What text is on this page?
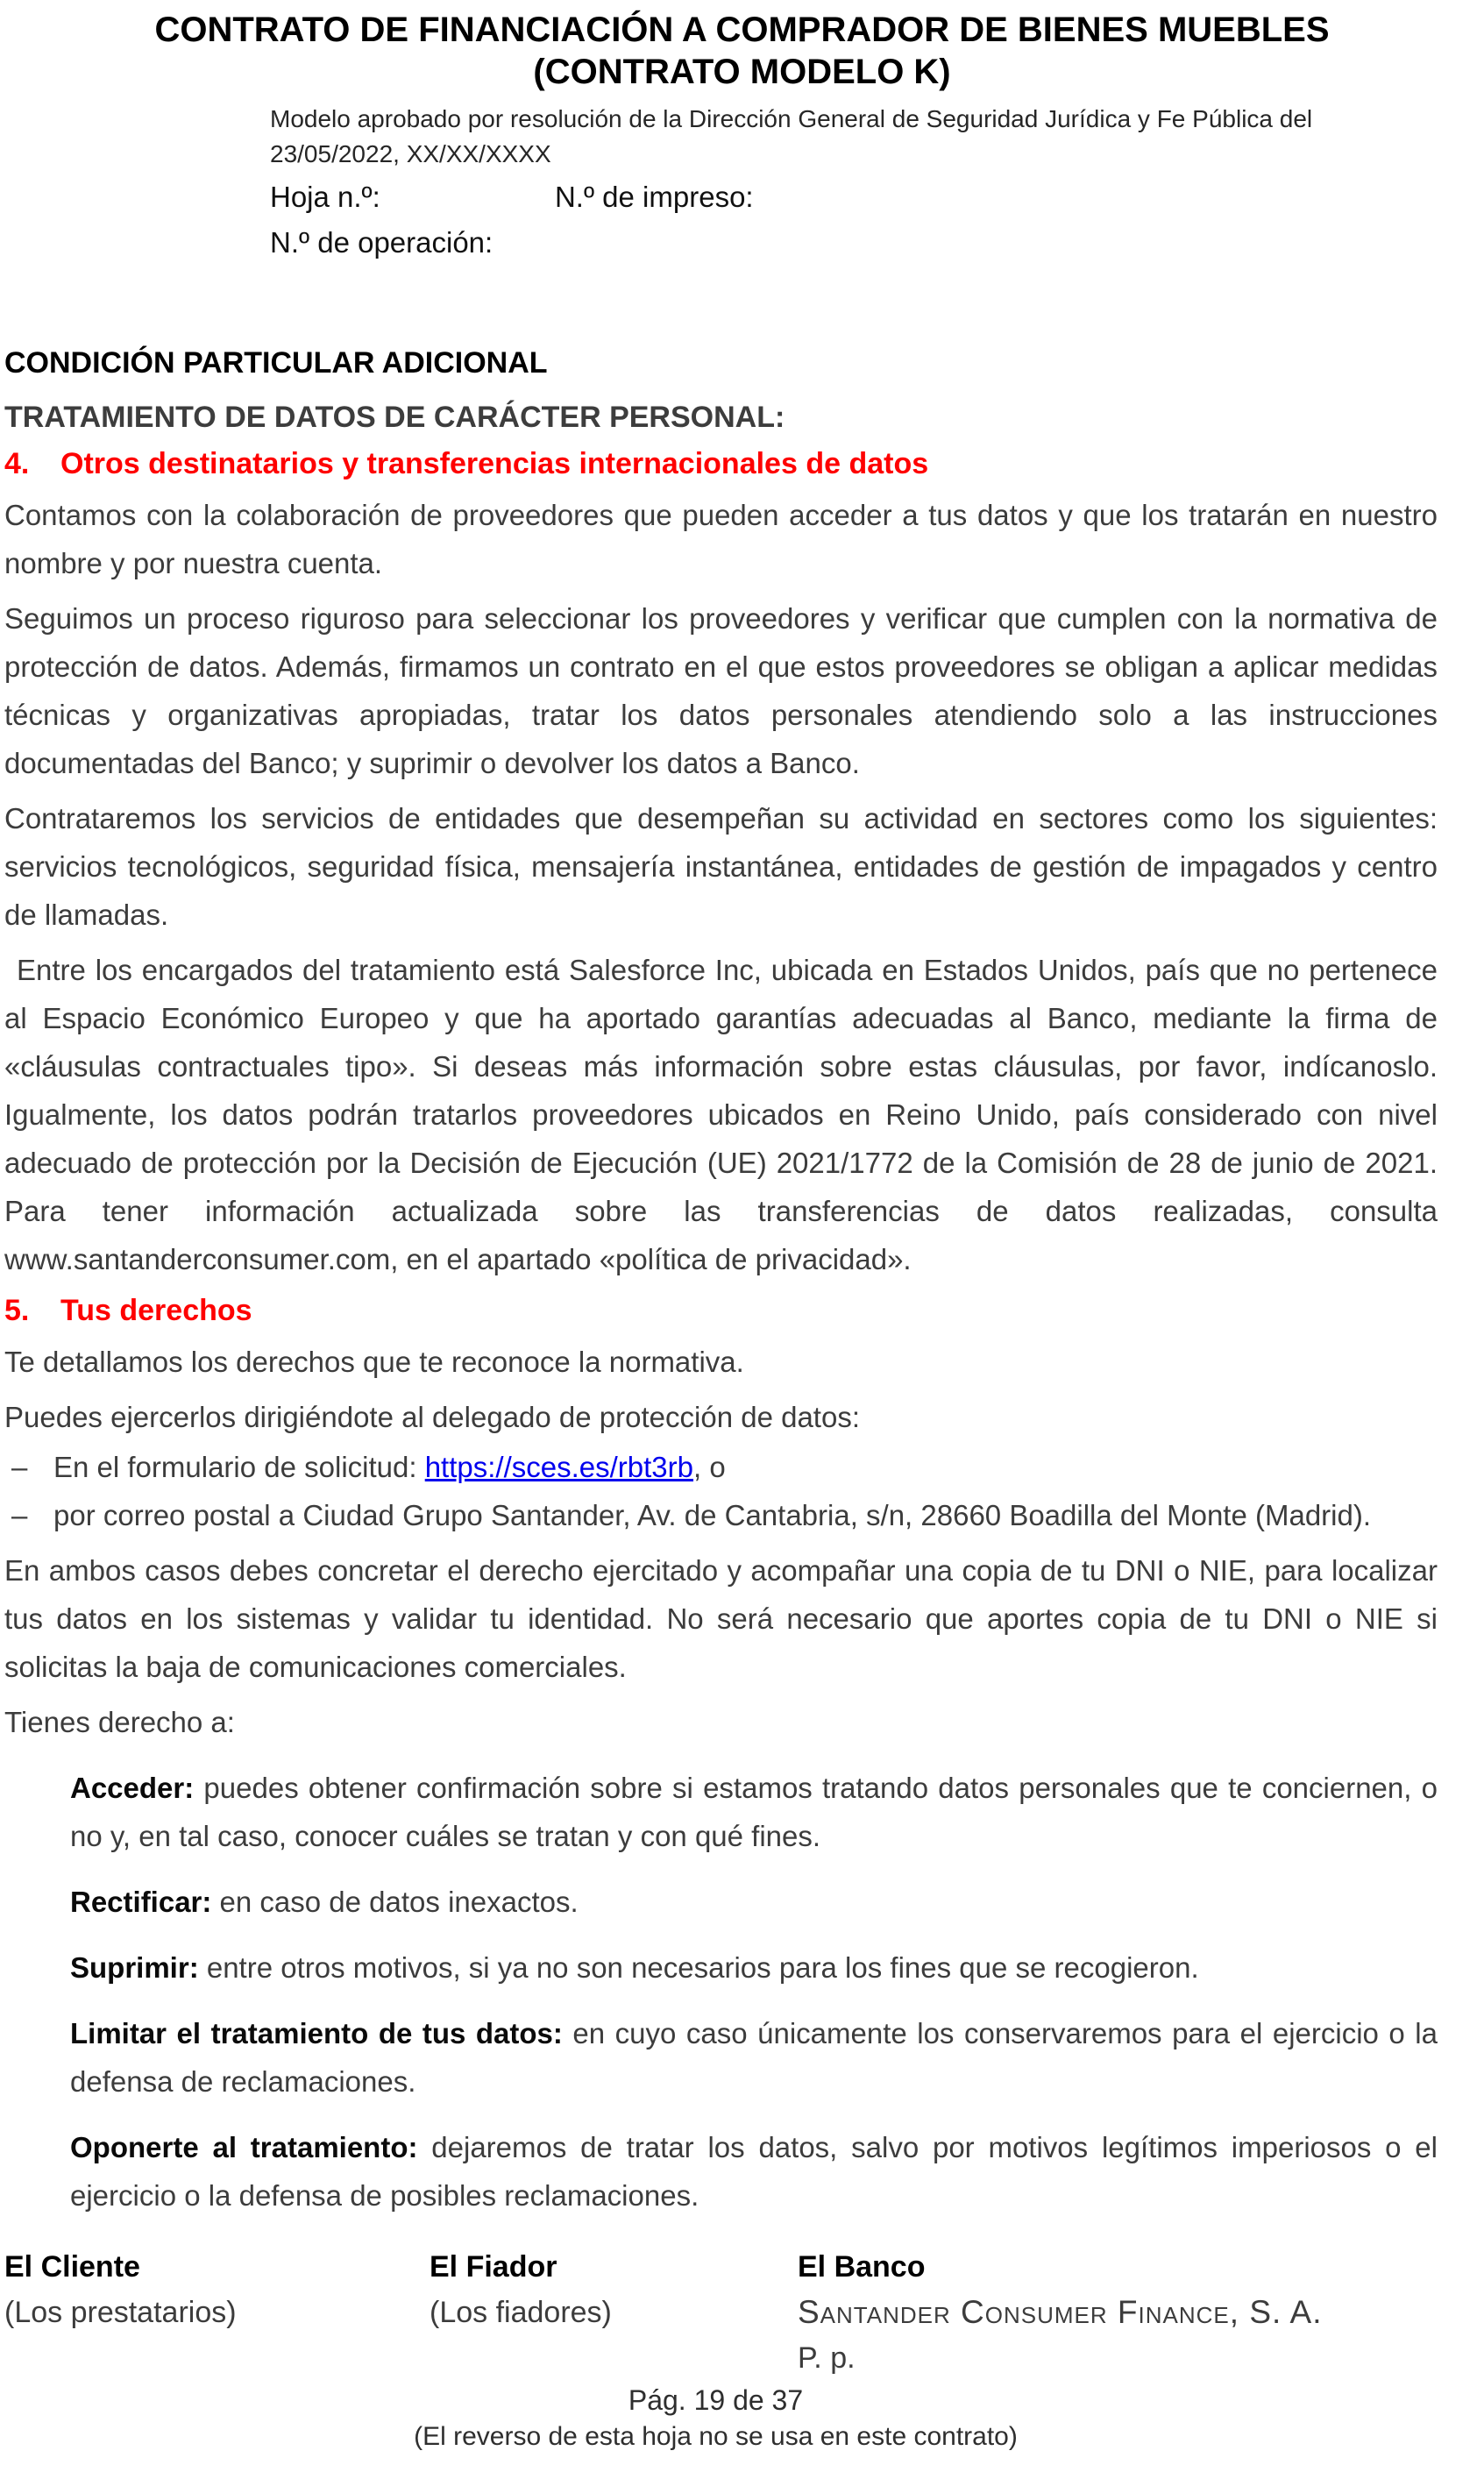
CONTRATO DE FINANCIACIÓN A COMPRADOR DE BIENES MUEBLES
(CONTRATO MODELO K)
Modelo aprobado por resolución de la Dirección General de Seguridad Jurídica y Fe Pública del
23/05/2022, XX/XX/XXXX
Hoja n.º:	N.º de impreso:
N.º de operación:
CONDICIÓN PARTICULAR ADICIONAL
TRATAMIENTO DE DATOS DE CARÁCTER PERSONAL:
4. Otros destinatarios y transferencias internacionales de datos

Contamos con la colaboración de proveedores que pueden acceder a tus datos y que los tratarán en nuestro nombre y por nuestra cuenta.

Seguimos un proceso riguroso para seleccionar los proveedores y verificar que cumplen con la normativa de protección de datos. Además, firmamos un contrato en el que estos proveedores se obligan a aplicar medidas técnicas y organizativas apropiadas, tratar los datos personales atendiendo solo a las instrucciones documentadas del Banco; y suprimir o devolver los datos a Banco.

Contrataremos los servicios de entidades que desempeñan su actividad en sectores como los siguientes: servicios tecnológicos, seguridad física, mensajería instantánea, entidades de gestión de impagados y centro de llamadas.

Entre los encargados del tratamiento está Salesforce Inc, ubicada en Estados Unidos, país que no pertenece al Espacio Económico Europeo y que ha aportado garantías adecuadas al Banco, mediante la firma de «cláusulas contractuales tipo». Si deseas más información sobre estas cláusulas, por favor, indícanoslo. Igualmente, los datos podrán tratarlos proveedores ubicados en Reino Unido, país considerado con nivel adecuado de protección por la Decisión de Ejecución (UE) 2021/1772 de la Comisión de 28 de junio de 2021. Para tener información actualizada sobre las transferencias de datos realizadas, consulta www.santanderconsumer.com, en el apartado «política de privacidad».

5. Tus derechos

Te detallamos los derechos que te reconoce la normativa.

Puedes ejercerlos dirigiéndote al delegado de protección de datos:

– En el formulario de solicitud: https://sces.es/rbt3rb, o
– por correo postal a Ciudad Grupo Santander, Av. de Cantabria, s/n, 28660 Boadilla del Monte (Madrid).

En ambos casos debes concretar el derecho ejercitado y acompañar una copia de tu DNI o NIE, para localizar tus datos en los sistemas y validar tu identidad. No será necesario que aportes copia de tu DNI o NIE si solicitas la baja de comunicaciones comerciales.

Tienes derecho a:

Acceder: puedes obtener confirmación sobre si estamos tratando datos personales que te conciernen, o no y, en tal caso, conocer cuáles se tratan y con qué fines.
Rectificar: en caso de datos inexactos.
Suprimir: entre otros motivos, si ya no son necesarios para los fines que se recogieron.
Limitar el tratamiento de tus datos: en cuyo caso únicamente los conservaremos para el ejercicio o la defensa de reclamaciones.
Oponerte al tratamiento: dejaremos de tratar los datos, salvo por motivos legítimos imperiosos o el ejercicio o la defensa de posibles reclamaciones.
El Cliente
(Los prestatarios)
El Fiador
(Los fiadores)
El Banco
Santander Consumer Finance, S. A.
P. p.
Pág. 19 de 37
(El reverso de esta hoja no se usa en este contrato)
